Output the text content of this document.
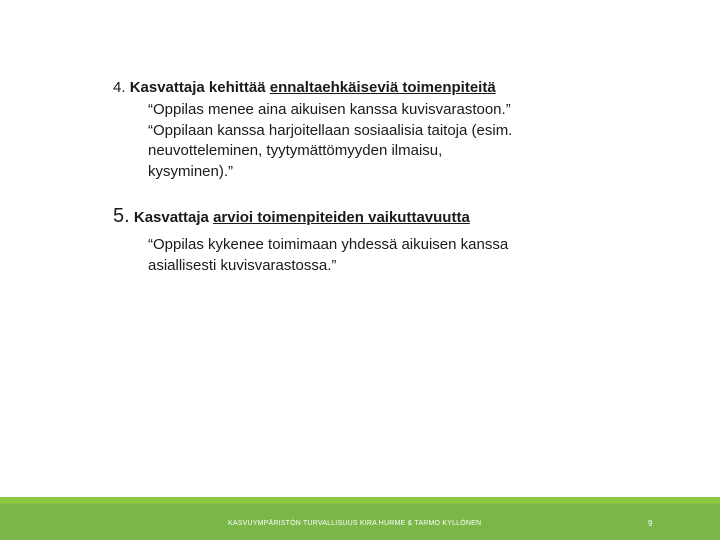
4. Kasvattaja kehittää ennaltaehkäiseviä toimenpiteitä
“Oppilas menee aina aikuisen kanssa kuvisvarastoon.”
“Oppilaan kanssa harjoitellaan sosiaalisia taitoja (esim.
neuvotteleminen, tyytymättömyyden ilmaisu,
kysyminen).”
5. Kasvattaja arvioi toimenpiteiden vaikuttavuutta
“Oppilas kykenee toimimaan yhdessä aikuisen kanssa
asiallisesti kuvisvarastossa.”
KASVUYMPÄRISTÖN TURVALLISUUS KIRA HURME & TARMO KYLLÖNEN	9
